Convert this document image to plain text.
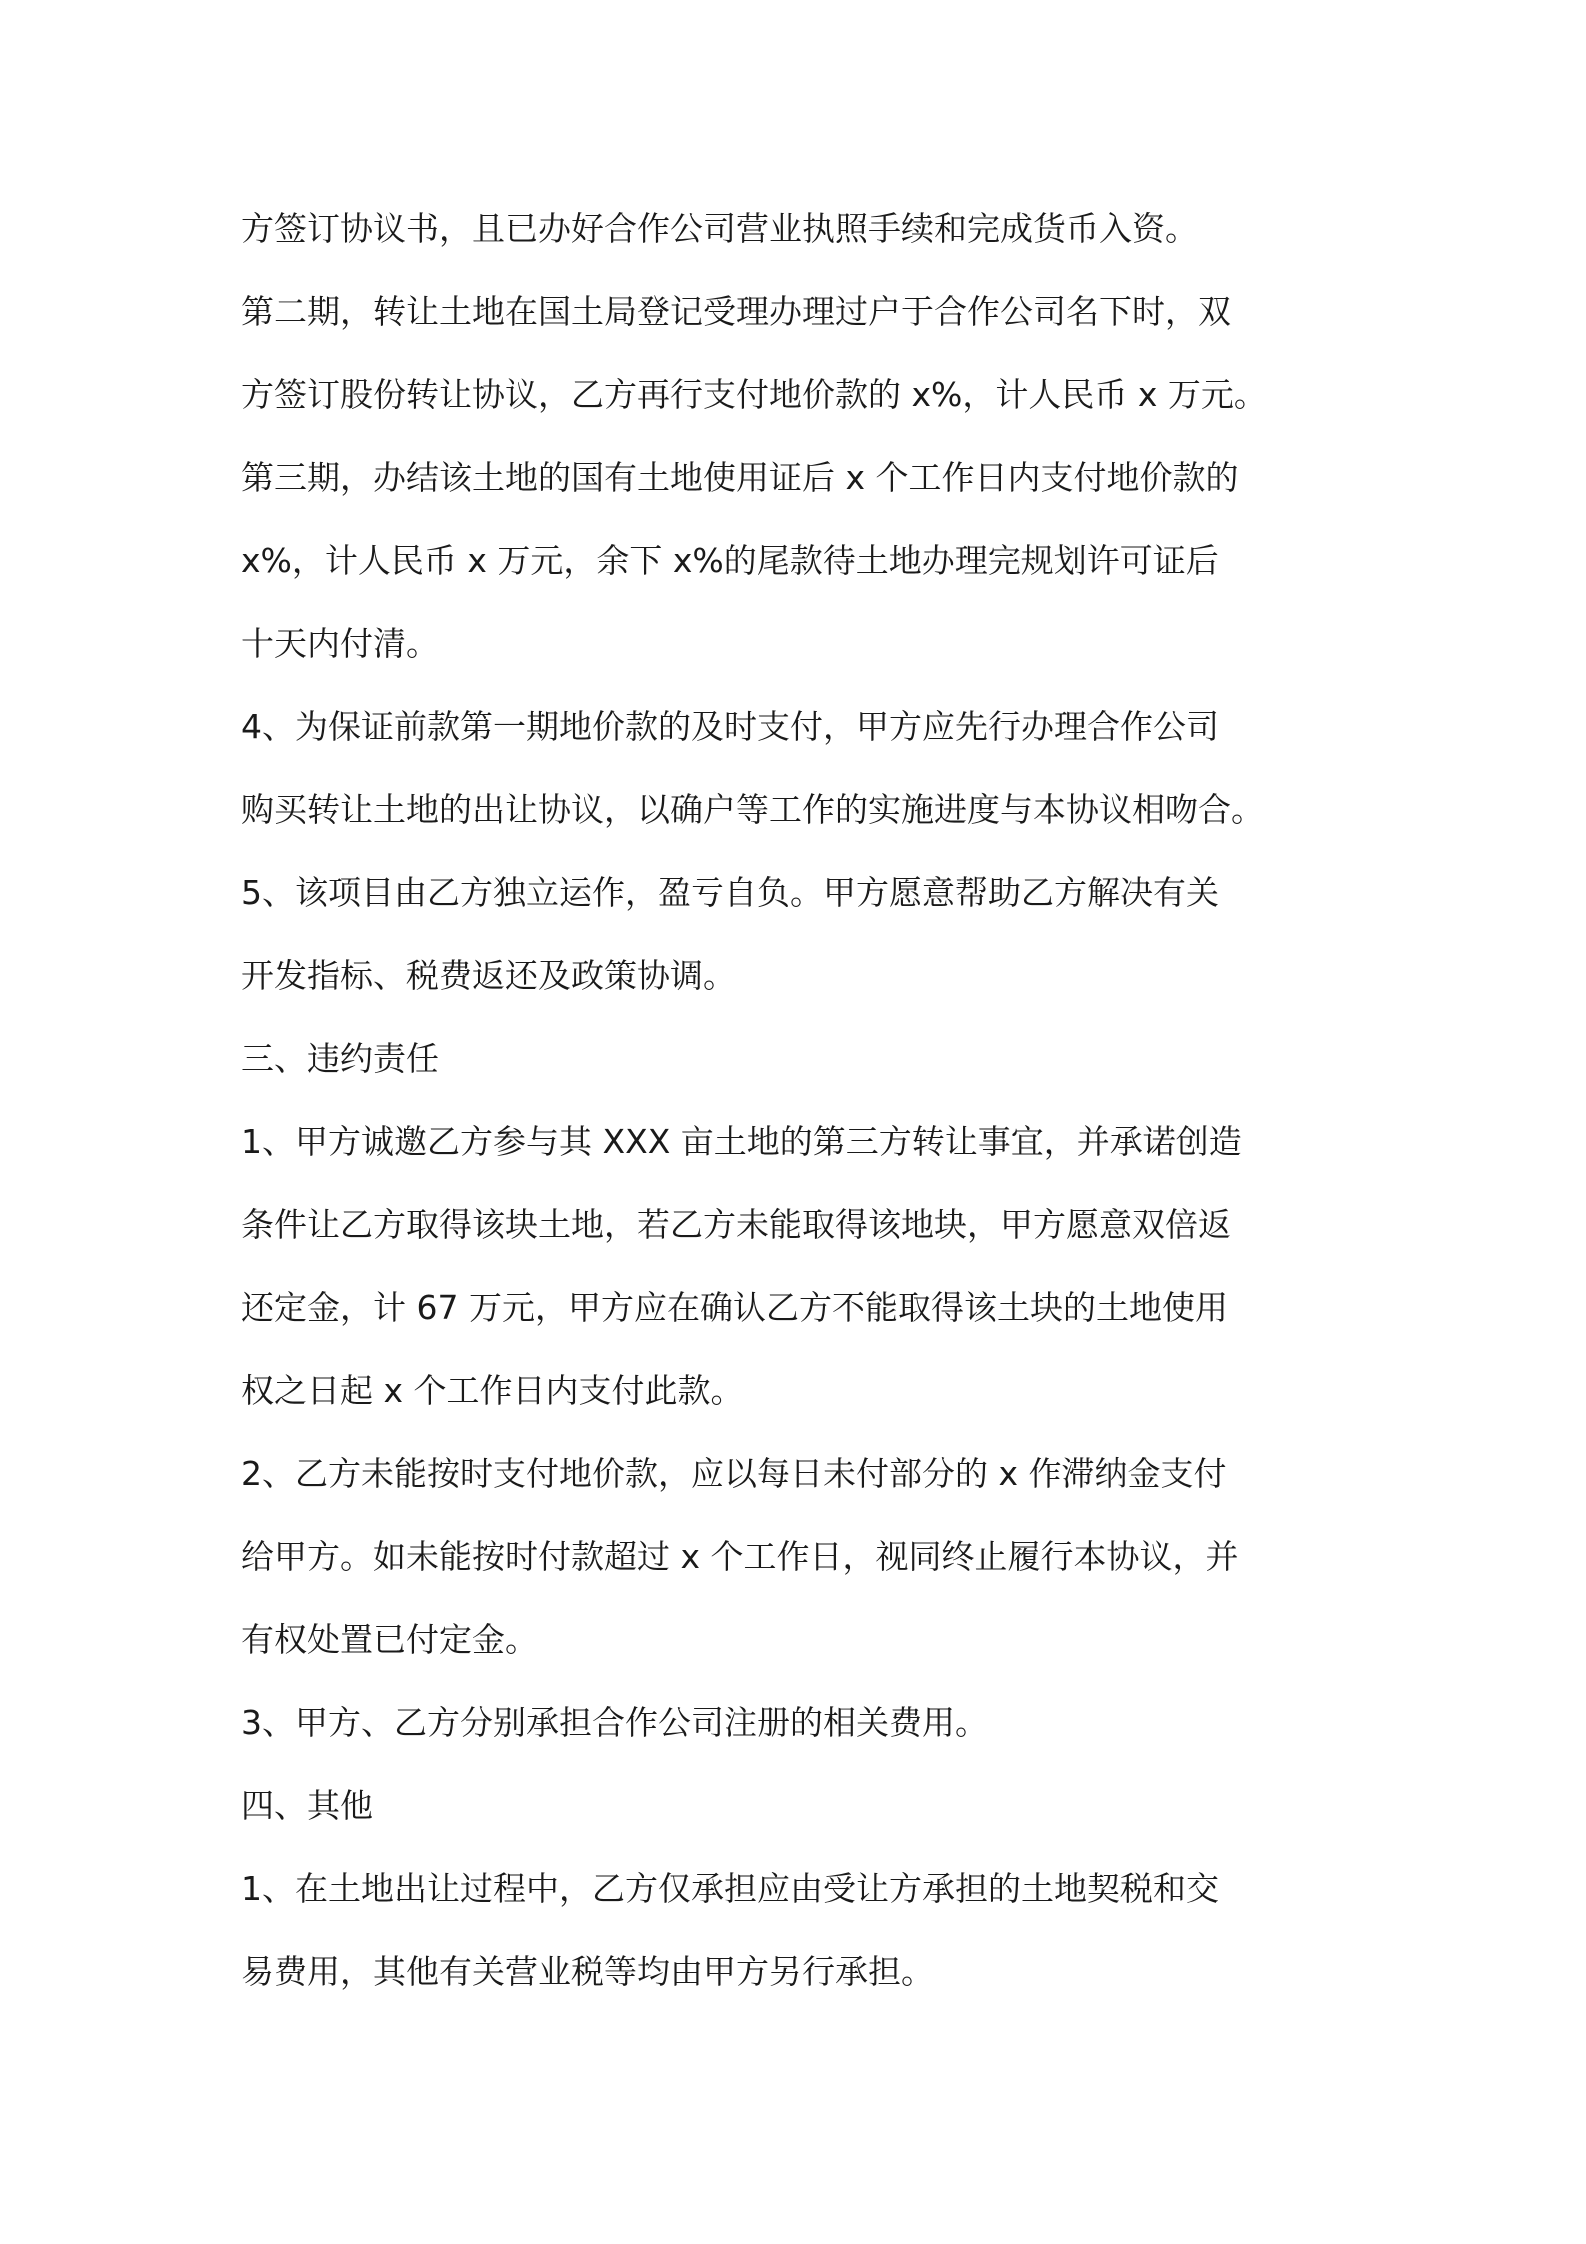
方签订协议书，且已办好合作公司营业执照手续和完成货币入资。

第二期，转让土地在国土局登记受理办理过户于合作公司名下时，双

方签订股份转让协议，乙方再行支付地价款的 x%，计人民币 x 万元。

第三期，办结该土地的国有土地使用证后 x 个工作日内支付地价款的

x%，计人民币 x 万元，余下 x%的尾款待土地办理完规划许可证后

十天内付清。

4、为保证前款第一期地价款的及时支付，甲方应先行办理合作公司

购买转让土地的出让协议，以确户等工作的实施进度与本协议相吻合。

5、该项目由乙方独立运作，盈亏自负。甲方愿意帮助乙方解决有关

开发指标、税费返还及政策协调。

三、违约责任

1、甲方诚邀乙方参与其 XXX 亩土地的第三方转让事宜，并承诺创造

条件让乙方取得该块土地，若乙方未能取得该地块，甲方愿意双倍返

还定金，计 67 万元，甲方应在确认乙方不能取得该土块的土地使用

权之日起 x 个工作日内支付此款。

2、乙方未能按时支付地价款，应以每日未付部分的 x 作滞纳金支付

给甲方。如未能按时付款超过 x 个工作日，视同终止履行本协议，并

有权处置已付定金。

3、甲方、乙方分别承担合作公司注册的相关费用。

四、其他

1、在土地出让过程中，乙方仅承担应由受让方承担的土地契税和交

易费用，其他有关营业税等均由甲方另行承担。
